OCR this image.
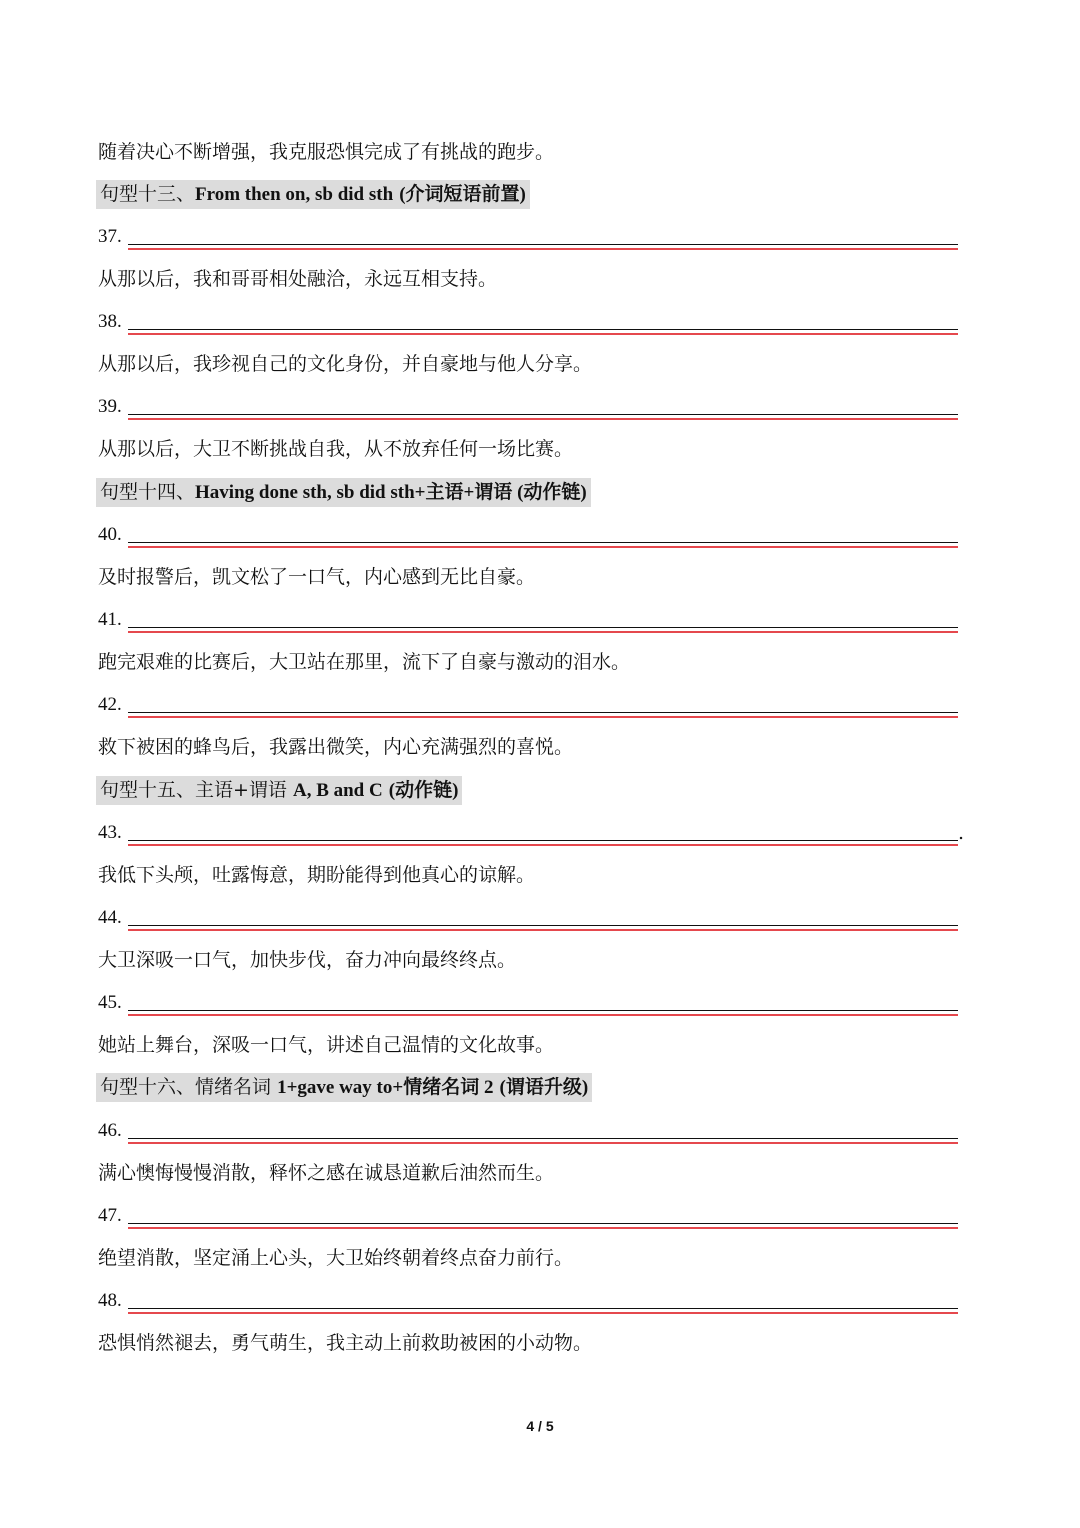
随着决心不断增强，我克服恐惧完成了有挑战的跑步。
句型十三、From then on, sb did sth (介词短语前置)
37.
从那以后，我和哥哥相处融洽，永远互相支持。
38.
从那以后，我珍视自己的文化身份，并自豪地与他人分享。
39.
从那以后，大卫不断挑战自我，从不放弃任何一场比赛。
句型十四、Having done sth, sb did sth+主语+谓语 (动作链)
40.
及时报警后，凯文松了一口气，内心感到无比自豪。
41.
跑完艰难的比赛后，大卫站在那里，流下了自豪与激动的泪水。
42.
救下被困的蜂鸟后，我露出微笑，内心充满强烈的喜悦。
句型十五、主语+谓语 A, B and C (动作链)
43.	.
我低下头颅，吐露悔意，期盼能得到他真心的谅解。
44.
大卫深吸一口气，加快步伐，奋力冲向最终终点。
45.
她站上舞台，深吸一口气，讲述自己温情的文化故事。
句型十六、情绪名词 1+gave way to+情绪名词 2 (谓语升级)
46.
满心懊悔慢慢消散，释怀之感在诚恳道歉后油然而生。
47.
绝望消散，坚定涌上心头，大卫始终朝着终点奋力前行。
48.
恐惧悄然褪去，勇气萌生，我主动上前救助被困的小动物。
4 / 5
